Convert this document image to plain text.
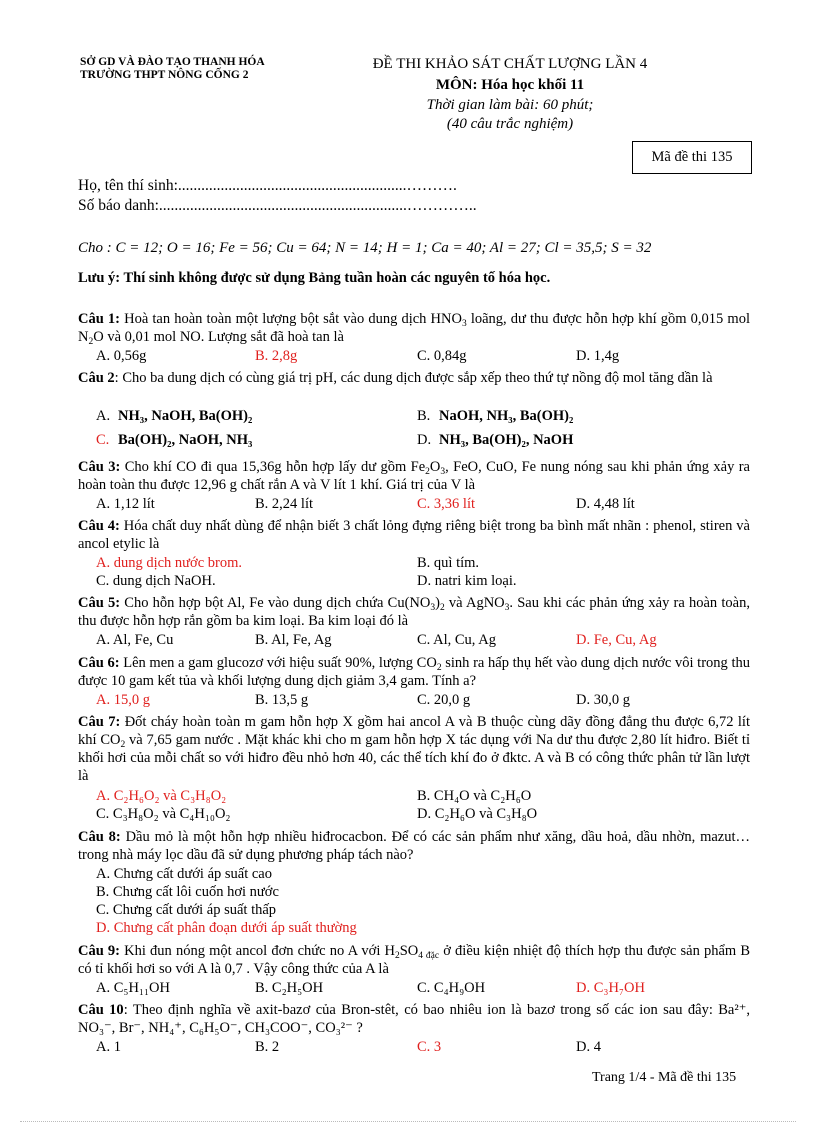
SỞ GD VÀ ĐÀO TẠO THANH HÓA
TRƯỜNG THPT NÔNG CỐNG 2
ĐỀ THI KHẢO SÁT CHẤT LƯỢNG LẦN 4
MÔN: Hóa học khối 11
Thời gian làm bài: 60 phút;
(40 câu trắc nghiệm)
Mã đề thi 135
Họ, tên thí sinh:...........................................................……….
Số báo danh:................................................................…………..
Cho : C = 12; O = 16; Fe = 56; Cu = 64; N = 14; H = 1; Ca = 40; Al = 27; Cl = 35,5; S = 32
Lưu ý: Thí sinh không được sử dụng Bảng tuần hoàn các nguyên tố hóa học.
Câu 1: Hoà tan hoàn toàn một lượng bột sắt vào dung dịch $HNO_3$ loãng, dư thu được hỗn hợp khí gồm 0,015 mol $N_2O$ và 0,01 mol NO. Lượng sắt đã hoà tan là
A. 0,56g	B. 2,8g	C. 0,84g	D. 1,4g
Câu 2: Cho ba dung dịch có cùng giá trị pH, các dung dịch được sắp xếp theo thứ tự nồng độ mol tăng dần là
A. NH₃, NaOH, Ba(OH)₂	B. NaOH, NH₃, Ba(OH)₂
C. Ba(OH)₂, NaOH, NH₃	D. NH₃, Ba(OH)₂, NaOH
Câu 3: Cho khí CO đi qua 15,36g hỗn hợp lấy dư gồm $Fe_2O_3$, FeO, CuO, Fe nung nóng sau khi phản ứng xảy ra hoàn toàn thu được 12,96 g chất rắn A và V lít 1 khí. Giá trị của V là
A. 1,12 lít	B. 2,24 lít	C. 3,36 lít	D. 4,48 lít
Câu 4: Hóa chất duy nhất dùng để nhận biết 3 chất lỏng đựng riêng biệt trong ba bình mất nhãn : phenol, stiren và ancol etylic là
A. dung dịch nước brom.	B. quì tím.
C. dung dịch NaOH.	D. natri kim loại.
Câu 5: Cho hỗn hợp bột Al, Fe vào dung dịch chứa $Cu(NO_3)_2$ và AgNO$_3$. Sau khi các phản ứng xảy ra hoàn toàn, thu được hỗn hợp rắn gồm ba kim loại. Ba kim loại đó là
A. Al, Fe, Cu	B. Al, Fe, Ag	C. Al, Cu, Ag	D. Fe, Cu, Ag
Câu 6: Lên men a gam glucozơ với hiệu suất 90%, lượng $CO_2$ sinh ra hấp thụ hết vào dung dịch nước vôi trong thu được 10 gam kết tủa và khối lượng dung dịch giảm 3,4 gam. Tính a?
A. 15,0 g	B. 13,5 g	C. 20,0 g	D. 30,0 g
Câu 7: Đốt cháy hoàn toàn m gam hỗn hợp X gồm hai ancol A và B thuộc cùng dãy đồng đẳng thu được 6,72 lít khí $CO_2$ và 7,65 gam nước . Mặt khác khi cho m gam hỗn hợp X tác dụng với Na dư thu được 2,80 lít hiđro. Biết tỉ khối hơi của mỗi chất so với hiđro đều nhỏ hơn 40, các thể tích khí đo ở đktc. A và B có công thức phân tử lần lượt là
A. C₂H₆O₂ và C₃H₈O₂	B. CH₄O và C₂H₆O
C. C₃H₈O₂ và C₄H₁₀O₂	D. C₂H₆O và C₃H₈O
Câu 8: Dầu mỏ là một hỗn hợp nhiều hiđrocacbon. Để có các sản phẩm như xăng, dầu hoả, dầu nhờn, mazut… trong nhà máy lọc dầu đã sử dụng phương pháp tách nào?
A. Chưng cất dưới áp suất cao
B. Chưng cất lôi cuốn hơi nước
C. Chưng cất dưới áp suất thấp
D. Chưng cất phân đoạn dưới áp suất thường
Câu 9: Khi đun nóng một ancol đơn chức no A với $H_2SO_{4 đặc}$ ở điều kiện nhiệt độ thích hợp thu được sản phẩm B có tỉ khối hơi so với A là 0,7 . Vậy công thức của A là
A. C₅H₁₁OH	B. C₂H₅OH	C. C₄H₉OH	D. C₃H₇OH
Câu 10: Theo định nghĩa về axit-bazơ của Bron-stêt, có bao nhiêu ion là bazơ trong số các ion sau đây: Ba²⁺, NO₃⁻, Br⁻, NH₄⁺, C₆H₅O⁻, CH₃COO⁻, CO₃²⁻ ?
A. 1	B. 2	C. 3	D. 4
Trang 1/4 - Mã đề thi 135
